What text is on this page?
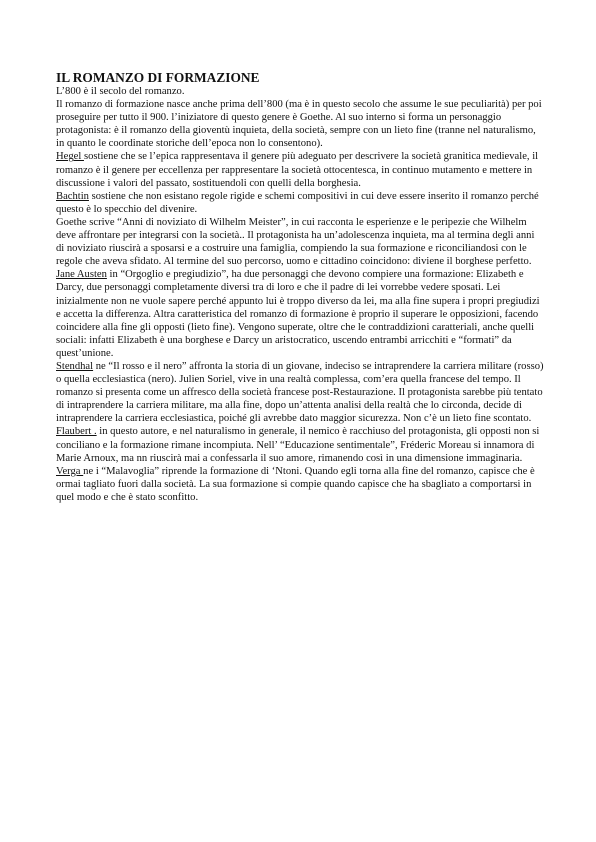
IL ROMANZO DI FORMAZIONE

L’800 è il secolo del romanzo.

Il romanzo di formazione nasce anche prima dell’800 (ma è in questo secolo che assume le sue peculiarità) per poi proseguire per tutto il 900. l’iniziatore di questo genere è Goethe. Al suo interno si forma un personaggio protagonista: è il romanzo della gioventù inquieta, della società, sempre con un lieto fine (tranne nel naturalismo, in quanto le coordinate storiche dell’epoca non lo consentono).

Hegel sostiene che se l’epica rappresentava il genere più adeguato per descrivere la società granitica medievale, il romanzo è il genere per eccellenza per rappresentare la società ottocentesca, in continuo mutamento e mettere in discussione i valori del passato, sostituendoli con quelli della borghesia.

Bachtin sostiene che non esistano regole rigide e schemi compositivi in cui deve essere inserito il romanzo perché questo è lo specchio del divenire.

Goethe scrive “Anni di noviziato di Wilhelm Meister”, in cui racconta le esperienze e le peripezie che Wilhelm deve affrontare per integrarsi con la società.. Il protagonista ha un’adolescenza inquieta, ma al termina degli anni di noviziato riuscirà a sposarsi e a costruire una famiglia, compiendo la sua formazione e riconciliandosi con le regole che aveva sfidato. Al termine del suo percorso, uomo e cittadino coincidono: diviene il borghese perfetto.

Jane Austen in “Orgoglio e pregiudizio”, ha due personaggi che devono compiere una formazione: Elizabeth e Darcy, due personaggi completamente diversi tra di loro e che il padre di lei vorrebbe vedere sposati. Lei inizialmente non ne vuole sapere perché appunto lui è troppo diverso da lei, ma alla fine supera i propri pregiudizi e accetta la differenza. Altra caratteristica del romanzo di formazione è proprio il superare le opposizioni, facendo coincidere alla fine gli opposti (lieto fine). Vengono superate, oltre che le contraddizioni caratteriali, anche quelli sociali: infatti Elizabeth è una borghese e Darcy un aristocratico, uscendo entrambi arricchiti e “formati” da quest’unione.

Stendhal ne “Il rosso e il nero” affronta la storia di un giovane, indeciso se intraprendere la carriera militare (rosso) o quella ecclesiastica (nero). Julien Soriel, vive in una realtà complessa, com’era quella francese del tempo. Il romanzo si presenta come un affresco della società francese post-Restaurazione. Il protagonista sarebbe più tentato di intraprendere la carriera militare, ma alla fine, dopo un’attenta analisi della realtà che lo circonda, decide di intraprendere la carriera ecclesiastica, poiché gli avrebbe dato maggior sicurezza. Non c’è un lieto fine scontato.

Flaubert . in questo autore, e nel naturalismo in generale, il nemico è racchiuso del protagonista, gli opposti non si conciliano e la formazione rimane incompiuta. Nell’ “Educazione sentimentale”, Fréderic Moreau si innamora di Marie Arnoux, ma nn riuscirà mai a confessarla il suo amore, rimanendo così in una dimensione immaginaria.

Verga ne i “Malavoglia” riprende la formazione di ‘Ntoni. Quando egli torna alla fine del romanzo, capisce che è ormai tagliato fuori dalla società. La sua formazione si compie quando capisce che ha sbagliato a comportarsi in quel modo e che è stato sconfitto.
